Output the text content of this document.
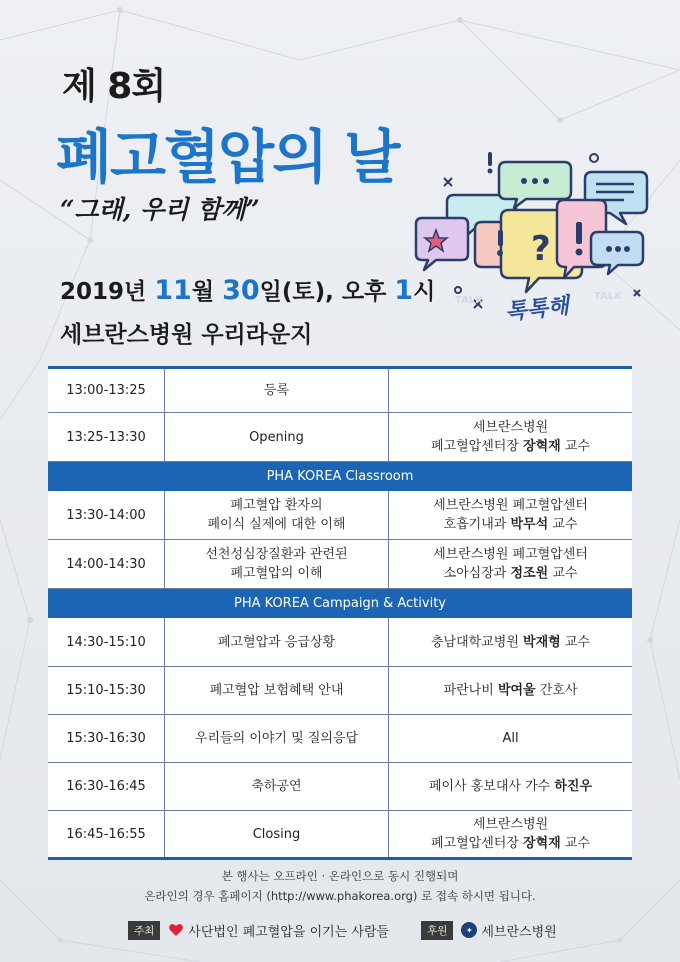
제 8회
폐고혈압의 날
“그래, 우리 함께”
2019년 11월 30일(토), 오후 1시
세브란스병원 우리라운지
?
TALK	TALK
톡톡해
13:00-13:25	등록	
13:25-13:30	Opening	세브란스병원
폐고혈압센터장 장혁재 교수
PHA KOREA Classroom		
13:30-14:00	폐고혈압 환자의
폐이식 실제에 대한 이해	세브란스병원 폐고혈압센터
호흡기내과 박무석 교수
14:00-14:30	선천성심장질환과 관련된
폐고혈압의 이해	세브란스병원 폐고혈압센터
소아심장과 정조원 교수
PHA KOREA Campaign & Activity		
14:30-15:10	폐고혈압과 응급상황	충남대학교병원 박재형 교수
15:10-15:30	폐고혈압 보험혜택 안내	파란나비 박여울 간호사
15:30-16:30	우리들의 이야기 및 질의응답	All
16:30-16:45	축하공연	페이사 홍보대사 가수 하진우
16:45-16:55	Closing	세브란스병원
폐고혈압센터장 장혁재 교수
본 행사는 오프라인 · 온라인으로 동시 진행되며
온라인의 경우 홈페이지 (http://www.phakorea.org) 로 접속 하시면 됩니다.
주최	사단법인 폐고혈압을 이기는 사람들	후원	✦ 세브란스병원
